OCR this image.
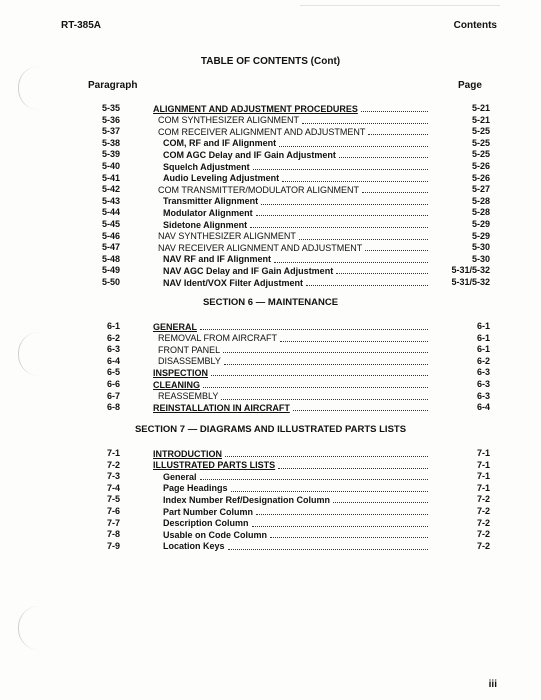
RT-385A	Contents
TABLE OF CONTENTS (Cont)
Paragraph	Page
5-35	ALIGNMENT AND ADJUSTMENT PROCEDURES	5-21
5-36	COM SYNTHESIZER ALIGNMENT	5-21
5-37	COM RECEIVER ALIGNMENT AND ADJUSTMENT	5-25
5-38	COM, RF and IF Alignment	5-25
5-39	COM AGC Delay and IF Gain Adjustment	5-25
5-40	Squelch Adjustment	5-26
5-41	Audio Leveling Adjustment	5-26
5-42	COM TRANSMITTER/MODULATOR ALIGNMENT	5-27
5-43	Transmitter Alignment	5-28
5-44	Modulator Alignment	5-28
5-45	Sidetone Alignment	5-29
5-46	NAV SYNTHESIZER ALIGNMENT	5-29
5-47	NAV RECEIVER ALIGNMENT AND ADJUSTMENT	5-30
5-48	NAV RF and IF Alignment	5-30
5-49	NAV AGC Delay and IF Gain Adjustment	5-31/5-32
5-50	NAV Ident/VOX Filter Adjustment	5-31/5-32
SECTION 6 — MAINTENANCE
6-1	GENERAL	6-1
6-2	REMOVAL FROM AIRCRAFT	6-1
6-3	FRONT PANEL	6-1
6-4	DISASSEMBLY	6-2
6-5	INSPECTION	6-3
6-6	CLEANING	6-3
6-7	REASSEMBLY	6-3
6-8	REINSTALLATION IN AIRCRAFT	6-4
SECTION 7 — DIAGRAMS AND ILLUSTRATED PARTS LISTS
7-1	INTRODUCTION	7-1
7-2	ILLUSTRATED PARTS LISTS	7-1
7-3	General	7-1
7-4	Page Headings	7-1
7-5	Index Number Ref/Designation Column	7-2
7-6	Part Number Column	7-2
7-7	Description Column	7-2
7-8	Usable on Code Column	7-2
7-9	Location Keys	7-2
iii
